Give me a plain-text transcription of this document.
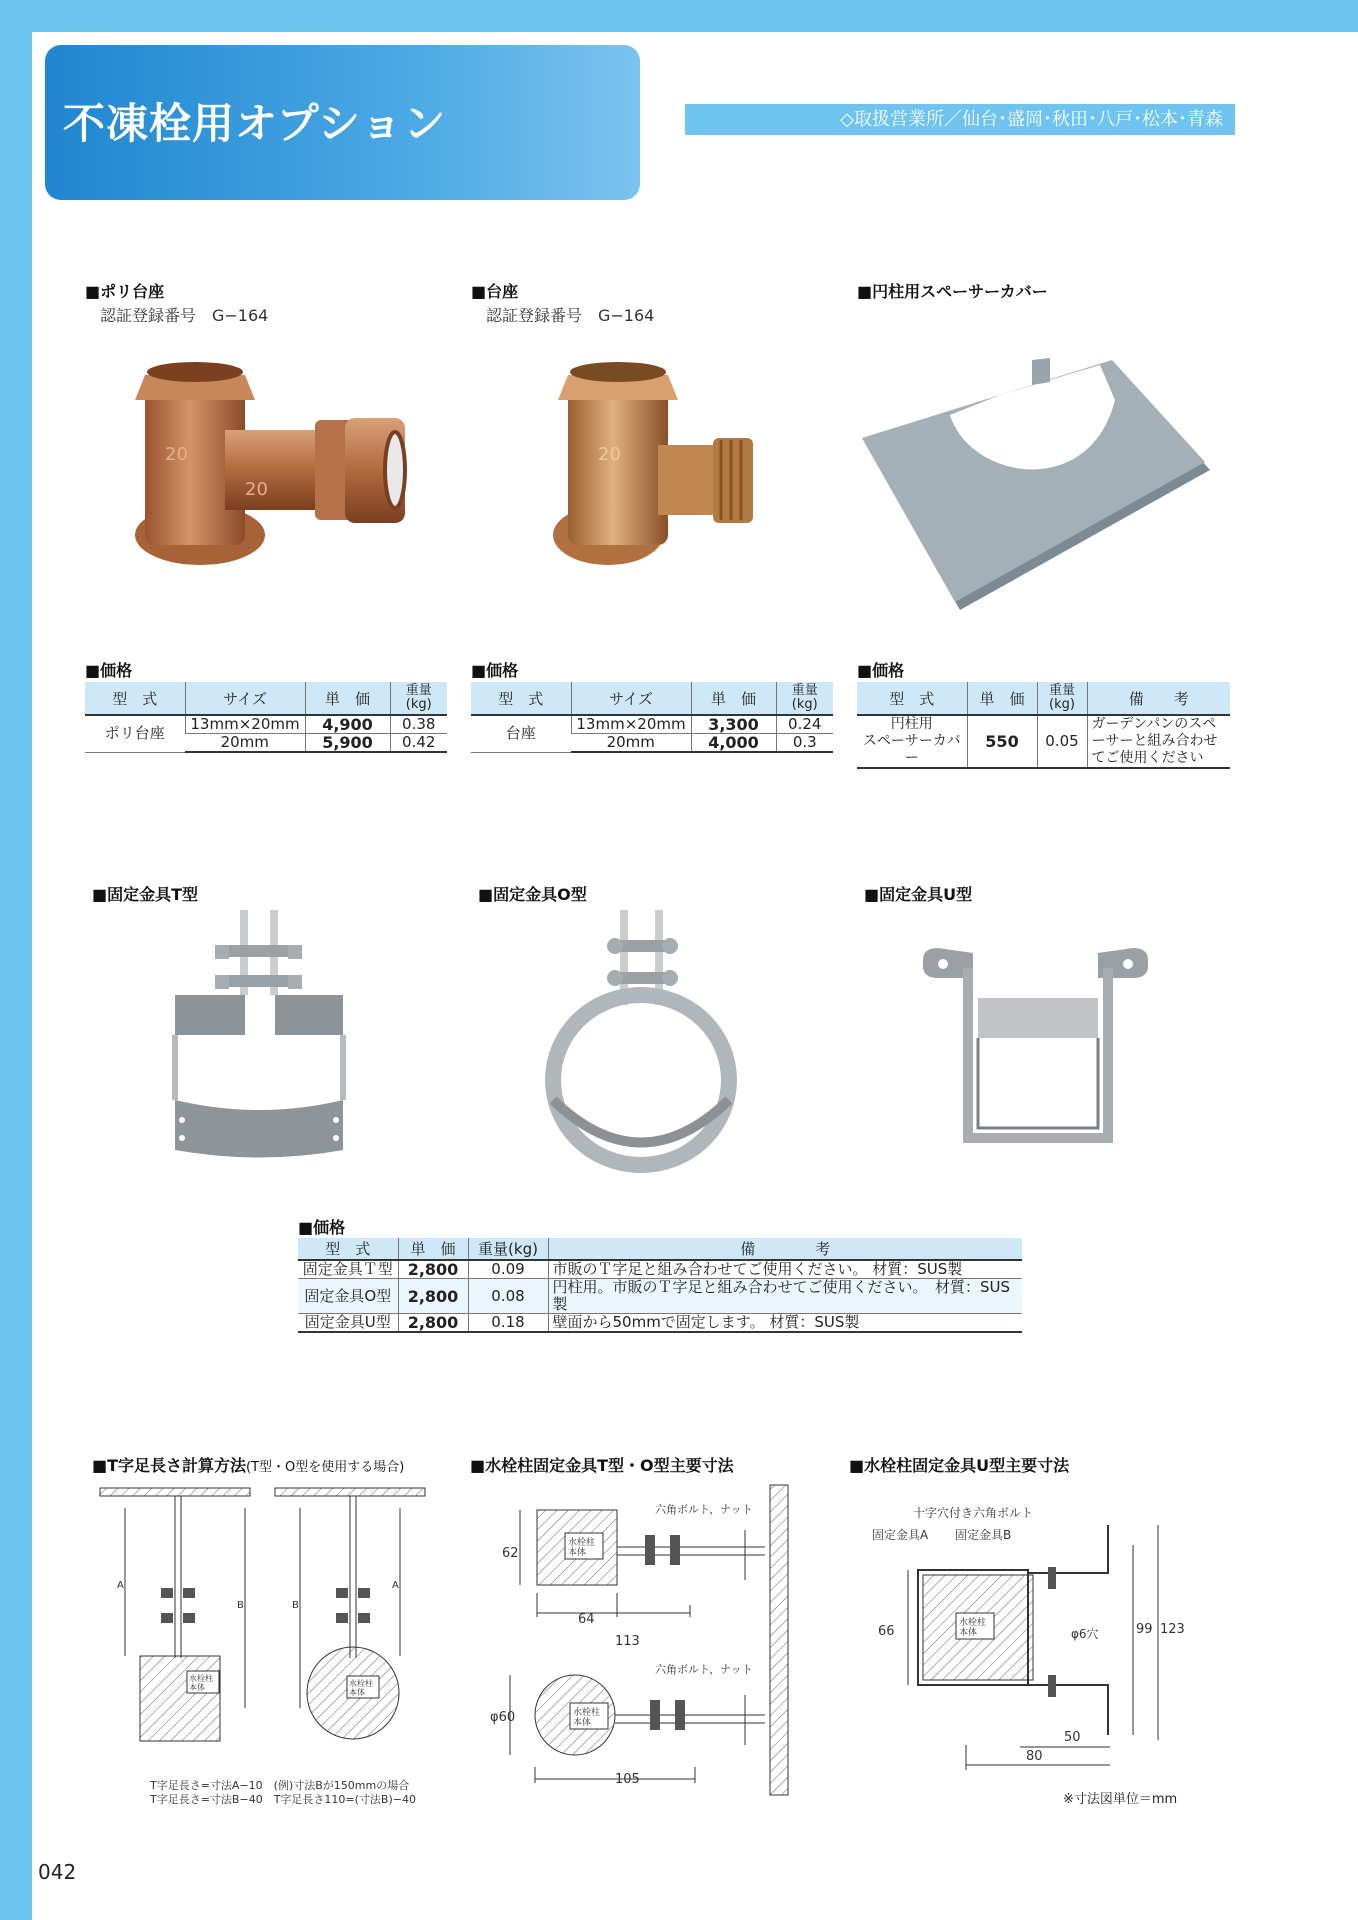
不凍栓用オプション	◇取扱営業所／仙台･盛岡･秋田･八戸･松本･青森
■ポリ台座
認証登録番号　G−164
■台座
認証登録番号　G−164
■円柱用スペーサーカバー
20
20
20
■価格	■価格	■価格
型　式	サイズ	単　価	重量
(kg)
ポリ台座	13mm×20mm	4,900	0.38
	20mm	5,900	0.42
型　式	サイズ	単　価	重量
(kg)
台座	13mm×20mm	3,300	0.24
	20mm	4,000	0.3
型　式	単　価	重量
(kg)	備　　考
円柱用
スペーサーカバー	550	0.05	ガーデンパンのスペーサーと組み合わせてご使用ください
■固定金具T型	■固定金具O型	■固定金具U型
■価格
型　式	単　価	重量(kg)	備　　　　考
固定金具Ｔ型	2,800	0.09	市販のＴ字足と組み合わせてご使用ください。 材質：SUS製
固定金具O型	2,800	0.08	円柱用。市販のＴ字足と組み合わせてご使用ください。　材質：SUS製
固定金具U型	2,800	0.18	壁面から50mmで固定します。 材質：SUS製
■T字足長さ計算方法(T型・O型を使用する場合)	■水栓柱固定金具T型・O型主要寸法	■水栓柱固定金具U型主要寸法
A
B	B
A
水栓柱本体	水栓柱本体
T字足長さ=寸法A−10　(例)寸法Bが150mmの場合
T字足長さ=寸法B−40　T字足長さ110=(寸法B)−40
水栓柱本体
水栓柱本体
六角ボルト、ナット
六角ボルト、ナット
62
64
113
φ60
105
水栓柱本体
十字穴付き六角ボルト
固定金具A 固定金具B
φ6穴
66	99 123
50
80
※寸法図単位＝mm
042
